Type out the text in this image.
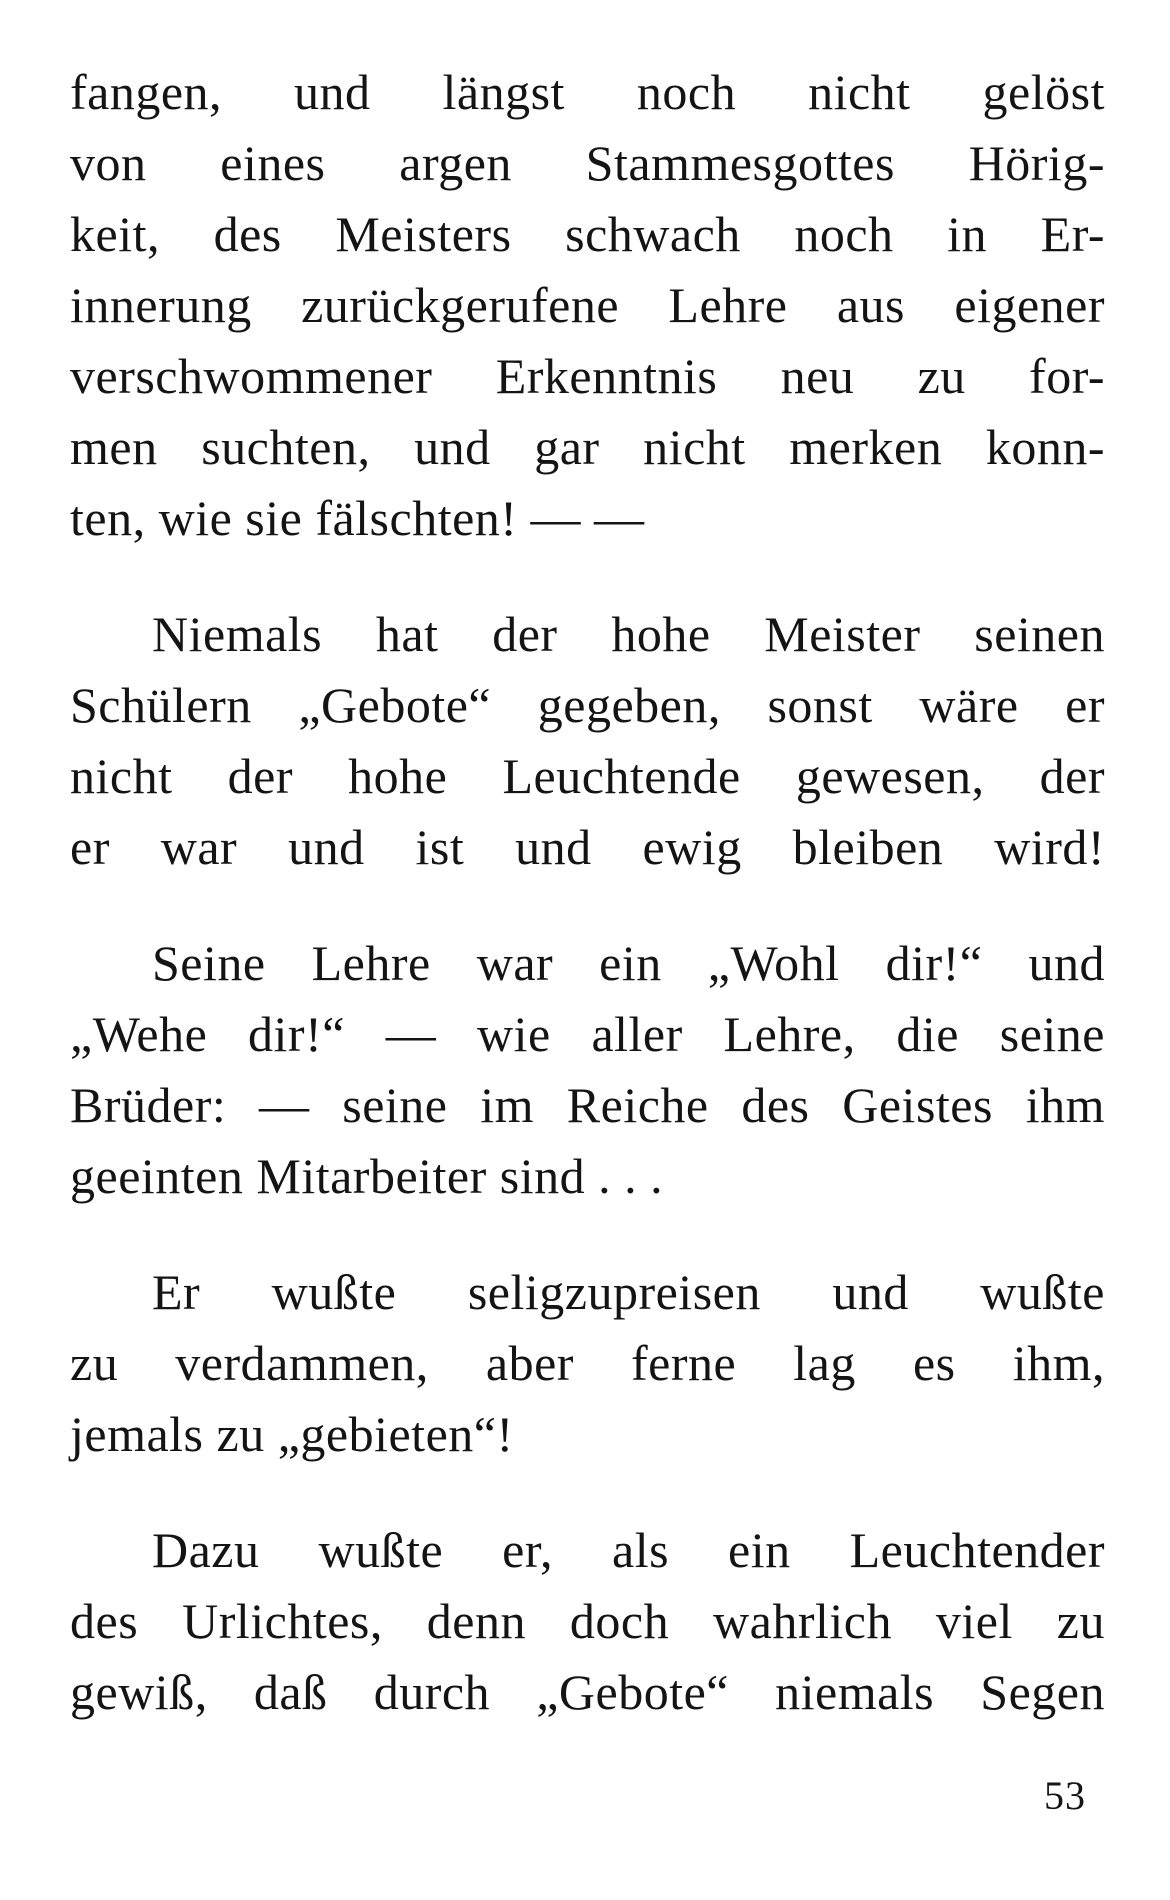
fangen, und längst noch nicht gelöst
von eines argen Stammesgottes Hörig-
keit, des Meisters schwach noch in Er-
innerung zurückgerufene Lehre aus eigener
verschwommener Erkenntnis neu zu for-
men suchten, und gar nicht merken konn-
ten, wie sie fälschten! — —
Niemals hat der hohe Meister seinen
Schülern „Gebote“ gegeben, sonst wäre er
nicht der hohe Leuchtende gewesen, der
er war und ist und ewig bleiben wird!
Seine Lehre war ein „Wohl dir!“ und
„Wehe dir!“ — wie aller Lehre, die seine
Brüder: — seine im Reiche des Geistes ihm
geeinten Mitarbeiter sind . . .
Er wußte seligzupreisen und wußte
zu verdammen, aber ferne lag es ihm,
jemals zu „gebieten“!
Dazu wußte er, als ein Leuchtender
des Urlichtes, denn doch wahrlich viel zu
gewiß, daß durch „Gebote“ niemals Segen
53
